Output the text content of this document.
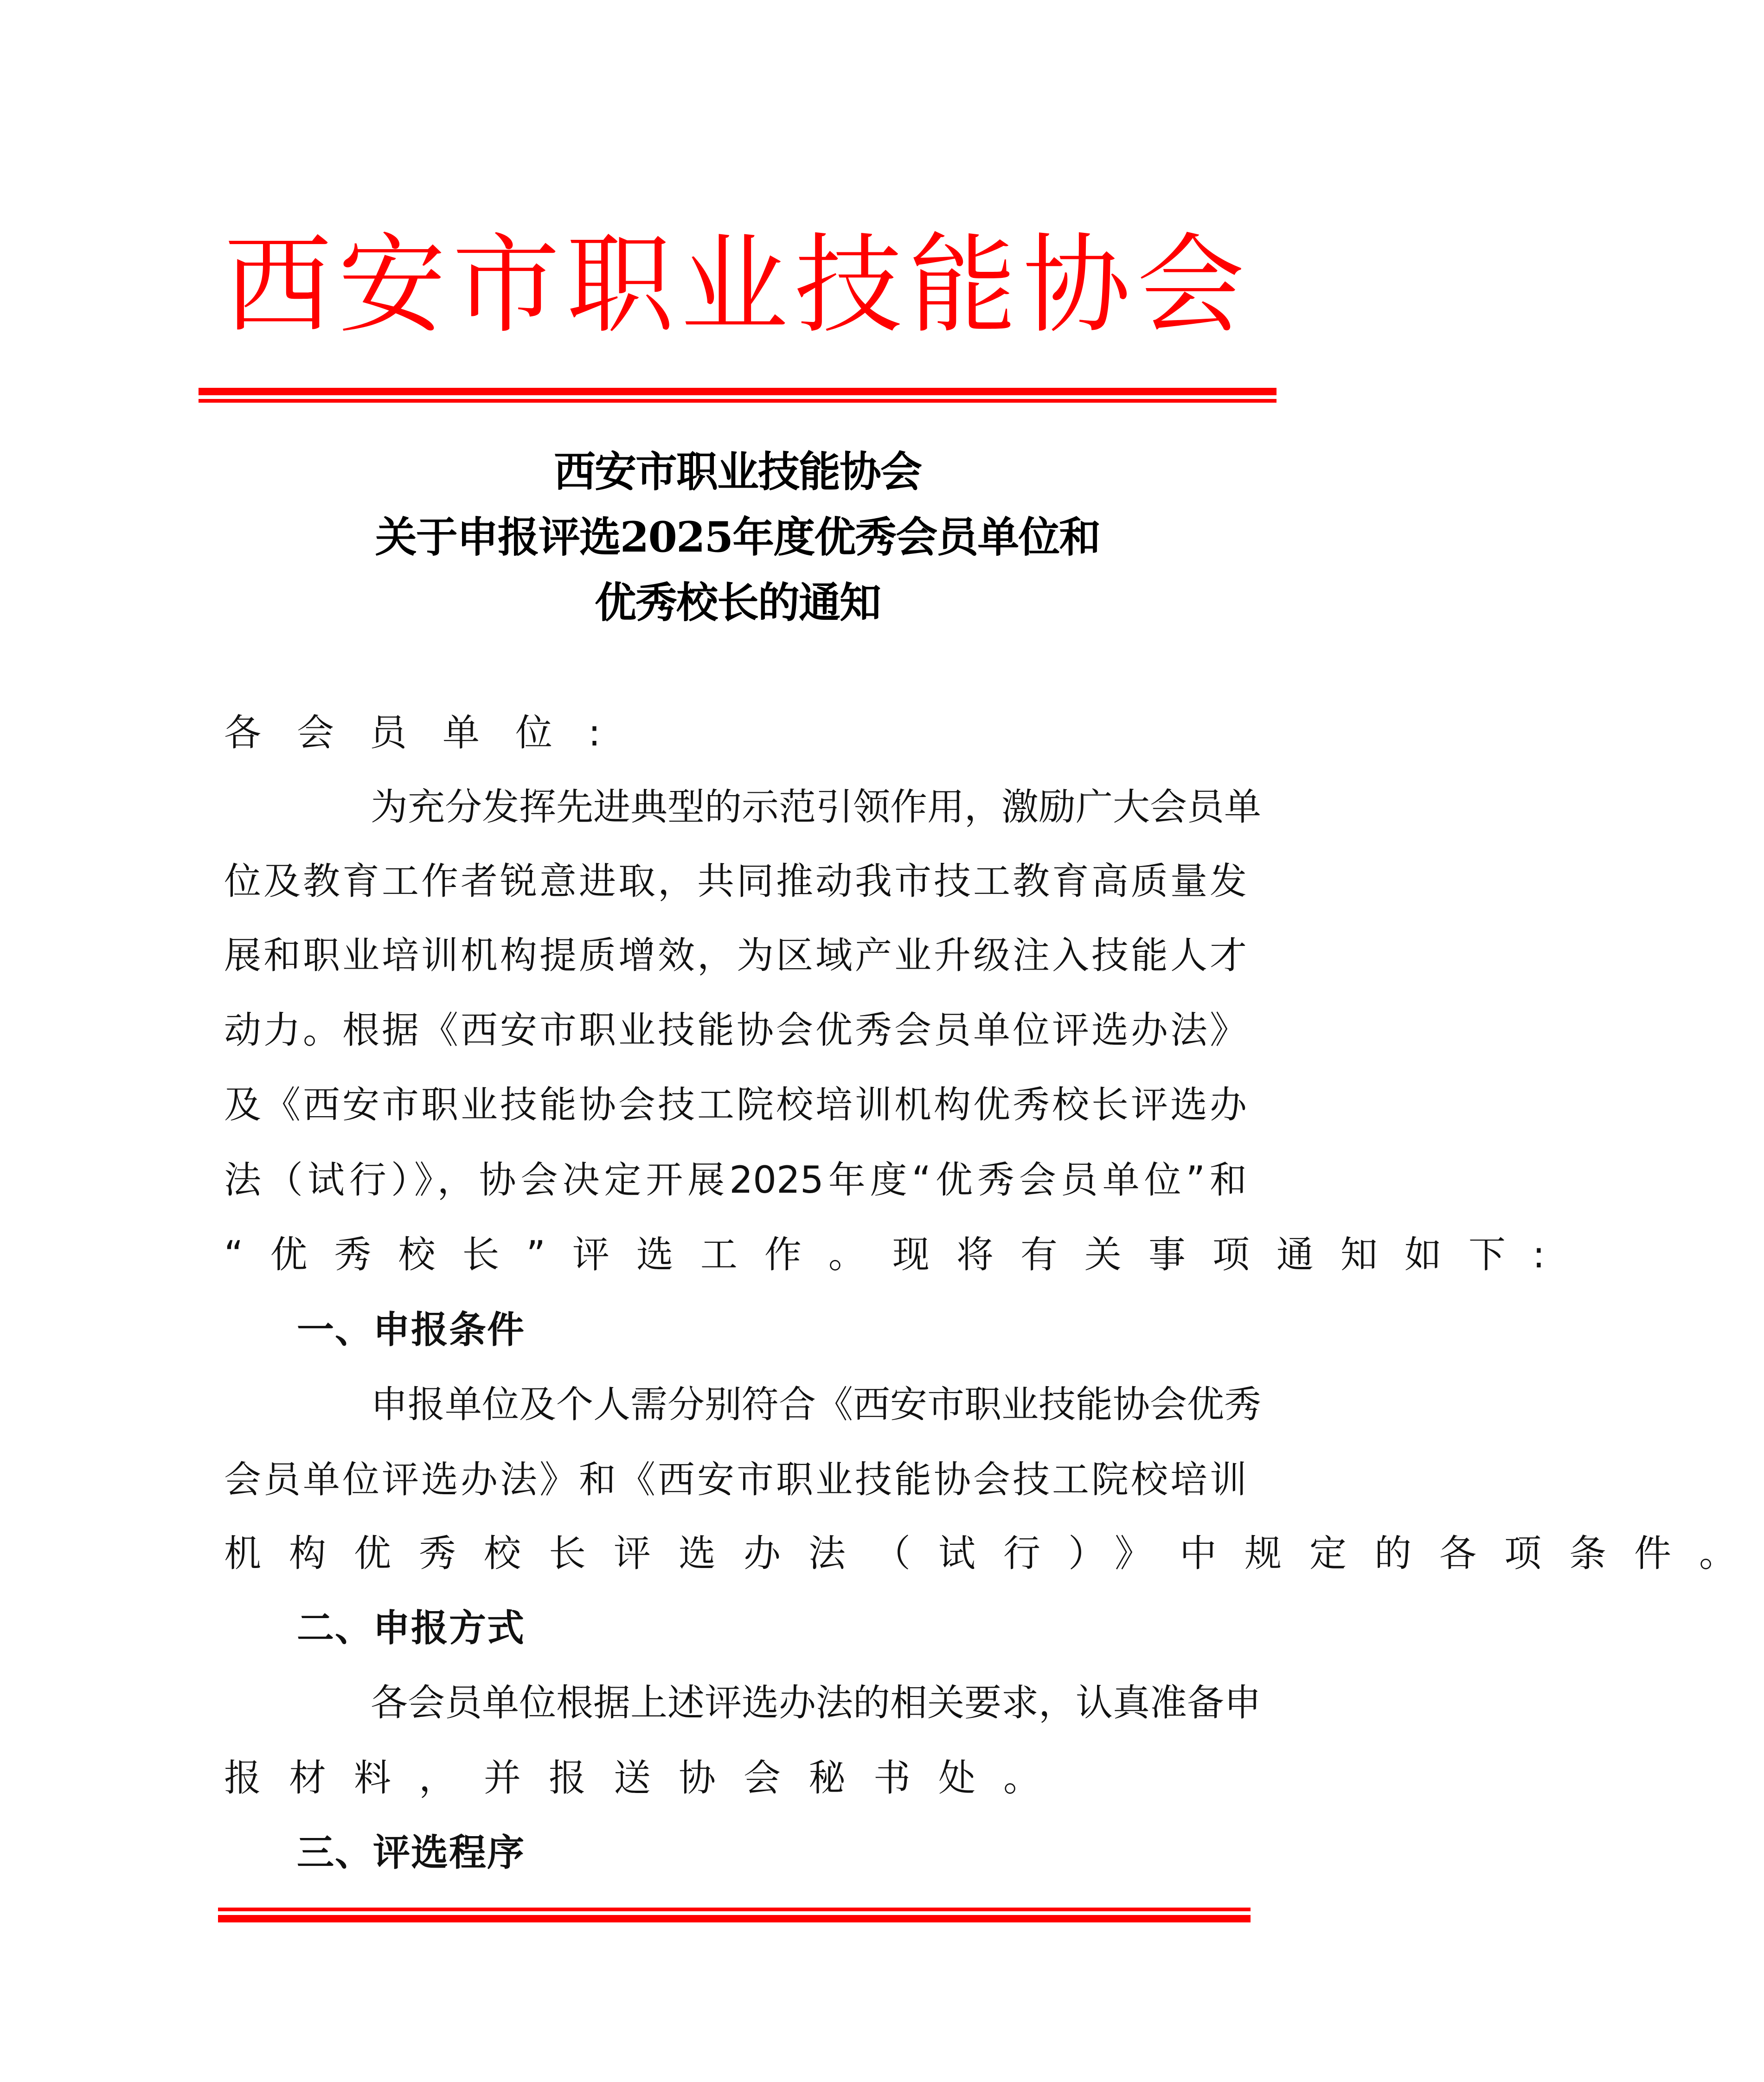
西安市职业技能协会
西安市职业技能协会
关于申报评选2025年度优秀会员单位和
优秀校长的通知
各会员单位:
为充分发挥先进典型的示范引领作用，激励广大会员单
位及教育工作者锐意进取，共同推动我市技工教育高质量发
展和职业培训机构提质增效，为区域产业升级注入技能人才
动力。根据《西安市职业技能协会优秀会员单位评选办法》
及《西安市职业技能协会技工院校培训机构优秀校长评选办
法（试行）》，协会决定开展2025年度“优秀会员单位”和
“优秀校长”评选工作。现将有关事项通知如下:
一、申报条件
申报单位及个人需分别符合《西安市职业技能协会优秀
会员单位评选办法》和《西安市职业技能协会技工院校培训
机构优秀校长评选办法（试行）》中规定的各项条件。
二、申报方式
各会员单位根据上述评选办法的相关要求，认真准备申
报材料，并报送协会秘书处。
三、评选程序
